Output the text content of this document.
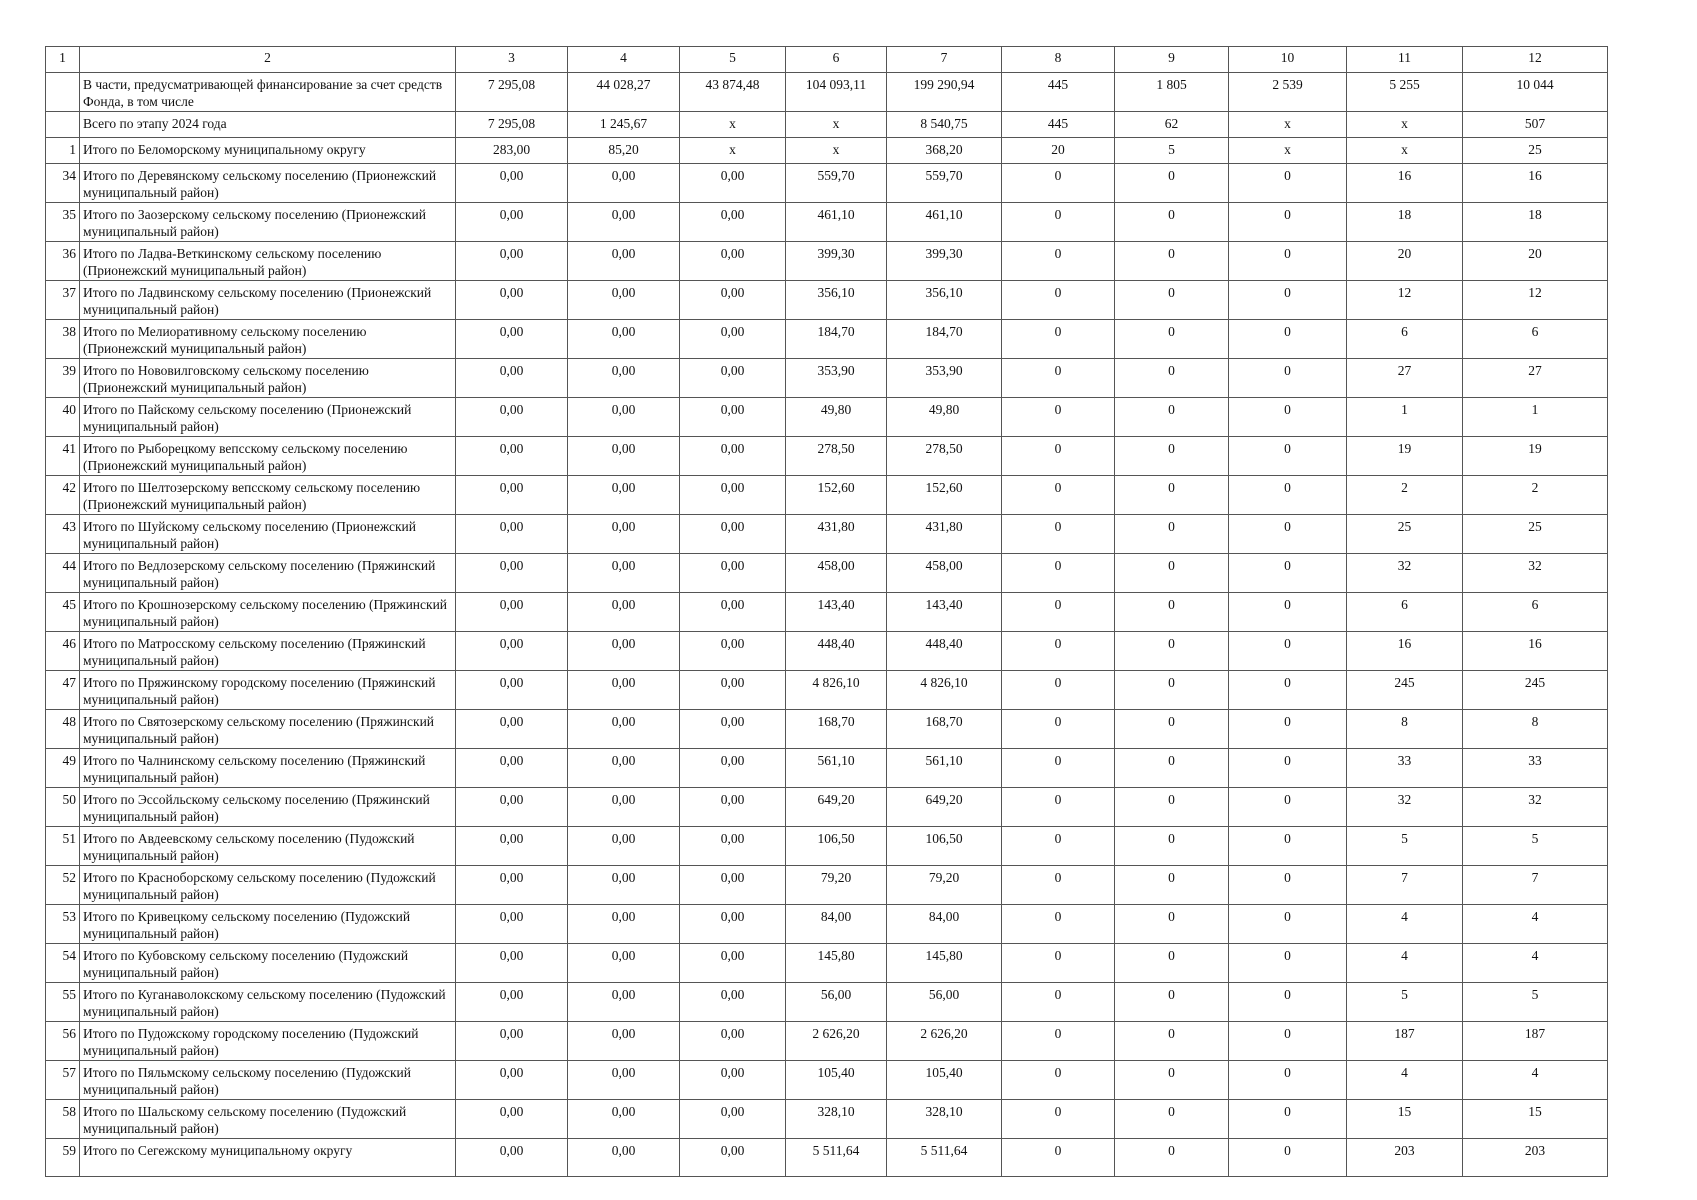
1	2	3	4	5	6	7	8	9	10	11	12
	В части, предусматривающей финансирование за счет средств Фонда, в том числе	7 295,08	44 028,27	43 874,48	104 093,11	199 290,94	445	1 805	2 539	5 255	10 044
	Всего по этапу 2024 года	7 295,08	1 245,67	x	x	8 540,75	445	62	x	x	507
1	Итого по Беломорскому муниципальному округу	283,00	85,20	x	x	368,20	20	5	x	x	25
34	Итого по Деревянскому сельскому поселению (Прионежский муниципальный район)	0,00	0,00	0,00	559,70	559,70	0	0	0	16	16
35	Итого по Заозерскому сельскому поселению (Прионежский муниципальный район)	0,00	0,00	0,00	461,10	461,10	0	0	0	18	18
36	Итого по Ладва-Веткинскому сельскому поселению (Прионежский муниципальный район)	0,00	0,00	0,00	399,30	399,30	0	0	0	20	20
37	Итого по Ладвинскому сельскому поселению (Прионежский муниципальный район)	0,00	0,00	0,00	356,10	356,10	0	0	0	12	12
38	Итого по Мелиоративному сельскому поселению (Прионежский муниципальный район)	0,00	0,00	0,00	184,70	184,70	0	0	0	6	6
39	Итого по Нововилговскому сельскому поселению (Прионежский муниципальный район)	0,00	0,00	0,00	353,90	353,90	0	0	0	27	27
40	Итого по Пайскому сельскому поселению (Прионежский муниципальный район)	0,00	0,00	0,00	49,80	49,80	0	0	0	1	1
41	Итого по Рыборецкому вепсскому сельскому поселению (Прионежский муниципальный район)	0,00	0,00	0,00	278,50	278,50	0	0	0	19	19
42	Итого по Шелтозерскому вепсскому сельскому поселению (Прионежский муниципальный район)	0,00	0,00	0,00	152,60	152,60	0	0	0	2	2
43	Итого по Шуйскому сельскому поселению (Прионежский муниципальный район)	0,00	0,00	0,00	431,80	431,80	0	0	0	25	25
44	Итого по Ведлозерскому сельскому поселению (Пряжинский муниципальный район)	0,00	0,00	0,00	458,00	458,00	0	0	0	32	32
45	Итого по Крошнозерскому сельскому поселению (Пряжинский муниципальный район)	0,00	0,00	0,00	143,40	143,40	0	0	0	6	6
46	Итого по Матросскому сельскому поселению (Пряжинский муниципальный район)	0,00	0,00	0,00	448,40	448,40	0	0	0	16	16
47	Итого по Пряжинскому городскому поселению (Пряжинский муниципальный район)	0,00	0,00	0,00	4 826,10	4 826,10	0	0	0	245	245
48	Итого по Святозерскому сельскому поселению (Пряжинский муниципальный район)	0,00	0,00	0,00	168,70	168,70	0	0	0	8	8
49	Итого по Чалнинскому сельскому поселению (Пряжинский муниципальный район)	0,00	0,00	0,00	561,10	561,10	0	0	0	33	33
50	Итого по Эссойльскому сельскому поселению (Пряжинский муниципальный район)	0,00	0,00	0,00	649,20	649,20	0	0	0	32	32
51	Итого по Авдеевскому сельскому поселению (Пудожский муниципальный район)	0,00	0,00	0,00	106,50	106,50	0	0	0	5	5
52	Итого по Красноборскому сельскому поселению (Пудожский муниципальный район)	0,00	0,00	0,00	79,20	79,20	0	0	0	7	7
53	Итого по Кривецкому сельскому поселению (Пудожский муниципальный район)	0,00	0,00	0,00	84,00	84,00	0	0	0	4	4
54	Итого по Кубовскому сельскому поселению (Пудожский муниципальный район)	0,00	0,00	0,00	145,80	145,80	0	0	0	4	4
55	Итого по Куганаволокскому сельскому поселению (Пудожский муниципальный район)	0,00	0,00	0,00	56,00	56,00	0	0	0	5	5
56	Итого по Пудожскому городскому поселению (Пудожский муниципальный район)	0,00	0,00	0,00	2 626,20	2 626,20	0	0	0	187	187
57	Итого по Пяльмскому сельскому поселению (Пудожский муниципальный район)	0,00	0,00	0,00	105,40	105,40	0	0	0	4	4
58	Итого по Шальскому сельскому поселению (Пудожский муниципальный район)	0,00	0,00	0,00	328,10	328,10	0	0	0	15	15
59	Итого по Сегежскому муниципальному округу	0,00	0,00	0,00	5 511,64	5 511,64	0	0	0	203	203
